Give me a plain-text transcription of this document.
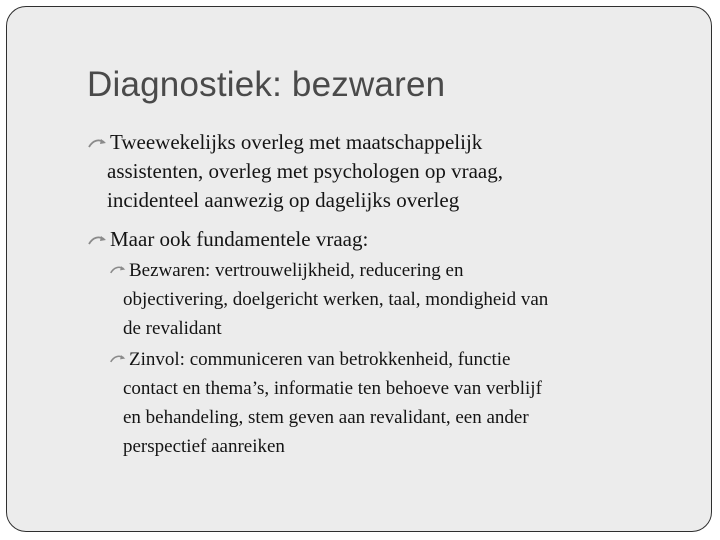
Diagnostiek: bezwaren
Tweewekelijks overleg met maatschappelijk
assistenten, overleg met psychologen op vraag,
incidenteel aanwezig op dagelijks overleg
Maar ook fundamentele vraag:
Bezwaren: vertrouwelijkheid, reducering en
objectivering, doelgericht werken, taal, mondigheid van
de revalidant
Zinvol: communiceren van betrokkenheid, functie
contact en thema’s, informatie ten behoeve van verblijf
en behandeling, stem geven aan revalidant, een ander
perspectief aanreiken
